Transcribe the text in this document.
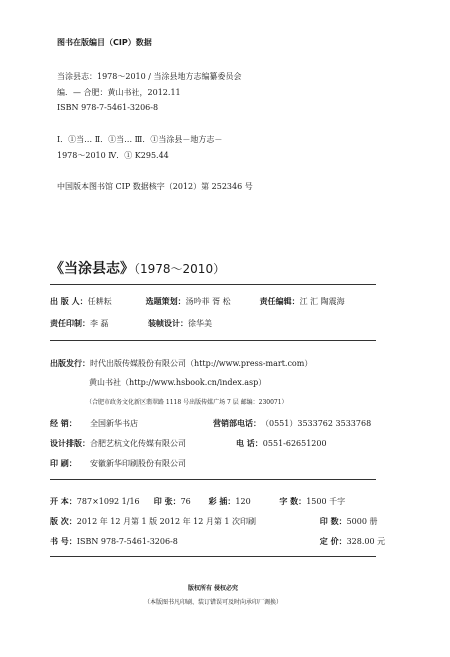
图书在版编目（CIP）数据
当涂县志：1978～2010 / 当涂县地方志编纂委员会
编．— 合肥：黄山书社，2012.11
ISBN 978-7-5461-3206-8
Ⅰ．①当… Ⅱ．①当… Ⅲ．①当涂县－地方志－
1978～2010 Ⅳ．① K295.44
中国版本图书馆 CIP 数据核字（2012）第 252346 号
《当涂县志》（1978～2010）
出 版 人： 任耕耘	选题策划： 汤吟菲 胥 松	责任编辑： 江 汇 陶震海
责任印制： 李 磊	装帧设计： 徐华美
出版发行： 时代出版传媒股份有限公司（http://www.press-mart.com）
黄山书社（http://www.hsbook.cn/index.asp）
（合肥市政务文化新区翡翠路 1118 号出版传媒广场 7 层 邮编：230071）
经 销：	全国新华书店	营销部电话： （0551）3533762 3533768
设计排版： 合肥艺杭文化传媒有限公司	电 话： 0551-62651200
印 刷：	安徽新华印刷股份有限公司
开 本： 787×1092 1/16	印 张： 76	彩 插： 120	字 数： 1500 千字
版 次： 2012 年 12 月第 1 版 2012 年 12 月第 1 次印刷	印 数： 5000 册
书 号： ISBN 978-7-5461-3206-8	定 价： 328.00 元
版权所有 侵权必究
（本版图书凡印刷、装订错误可及时向承印厂调换）
